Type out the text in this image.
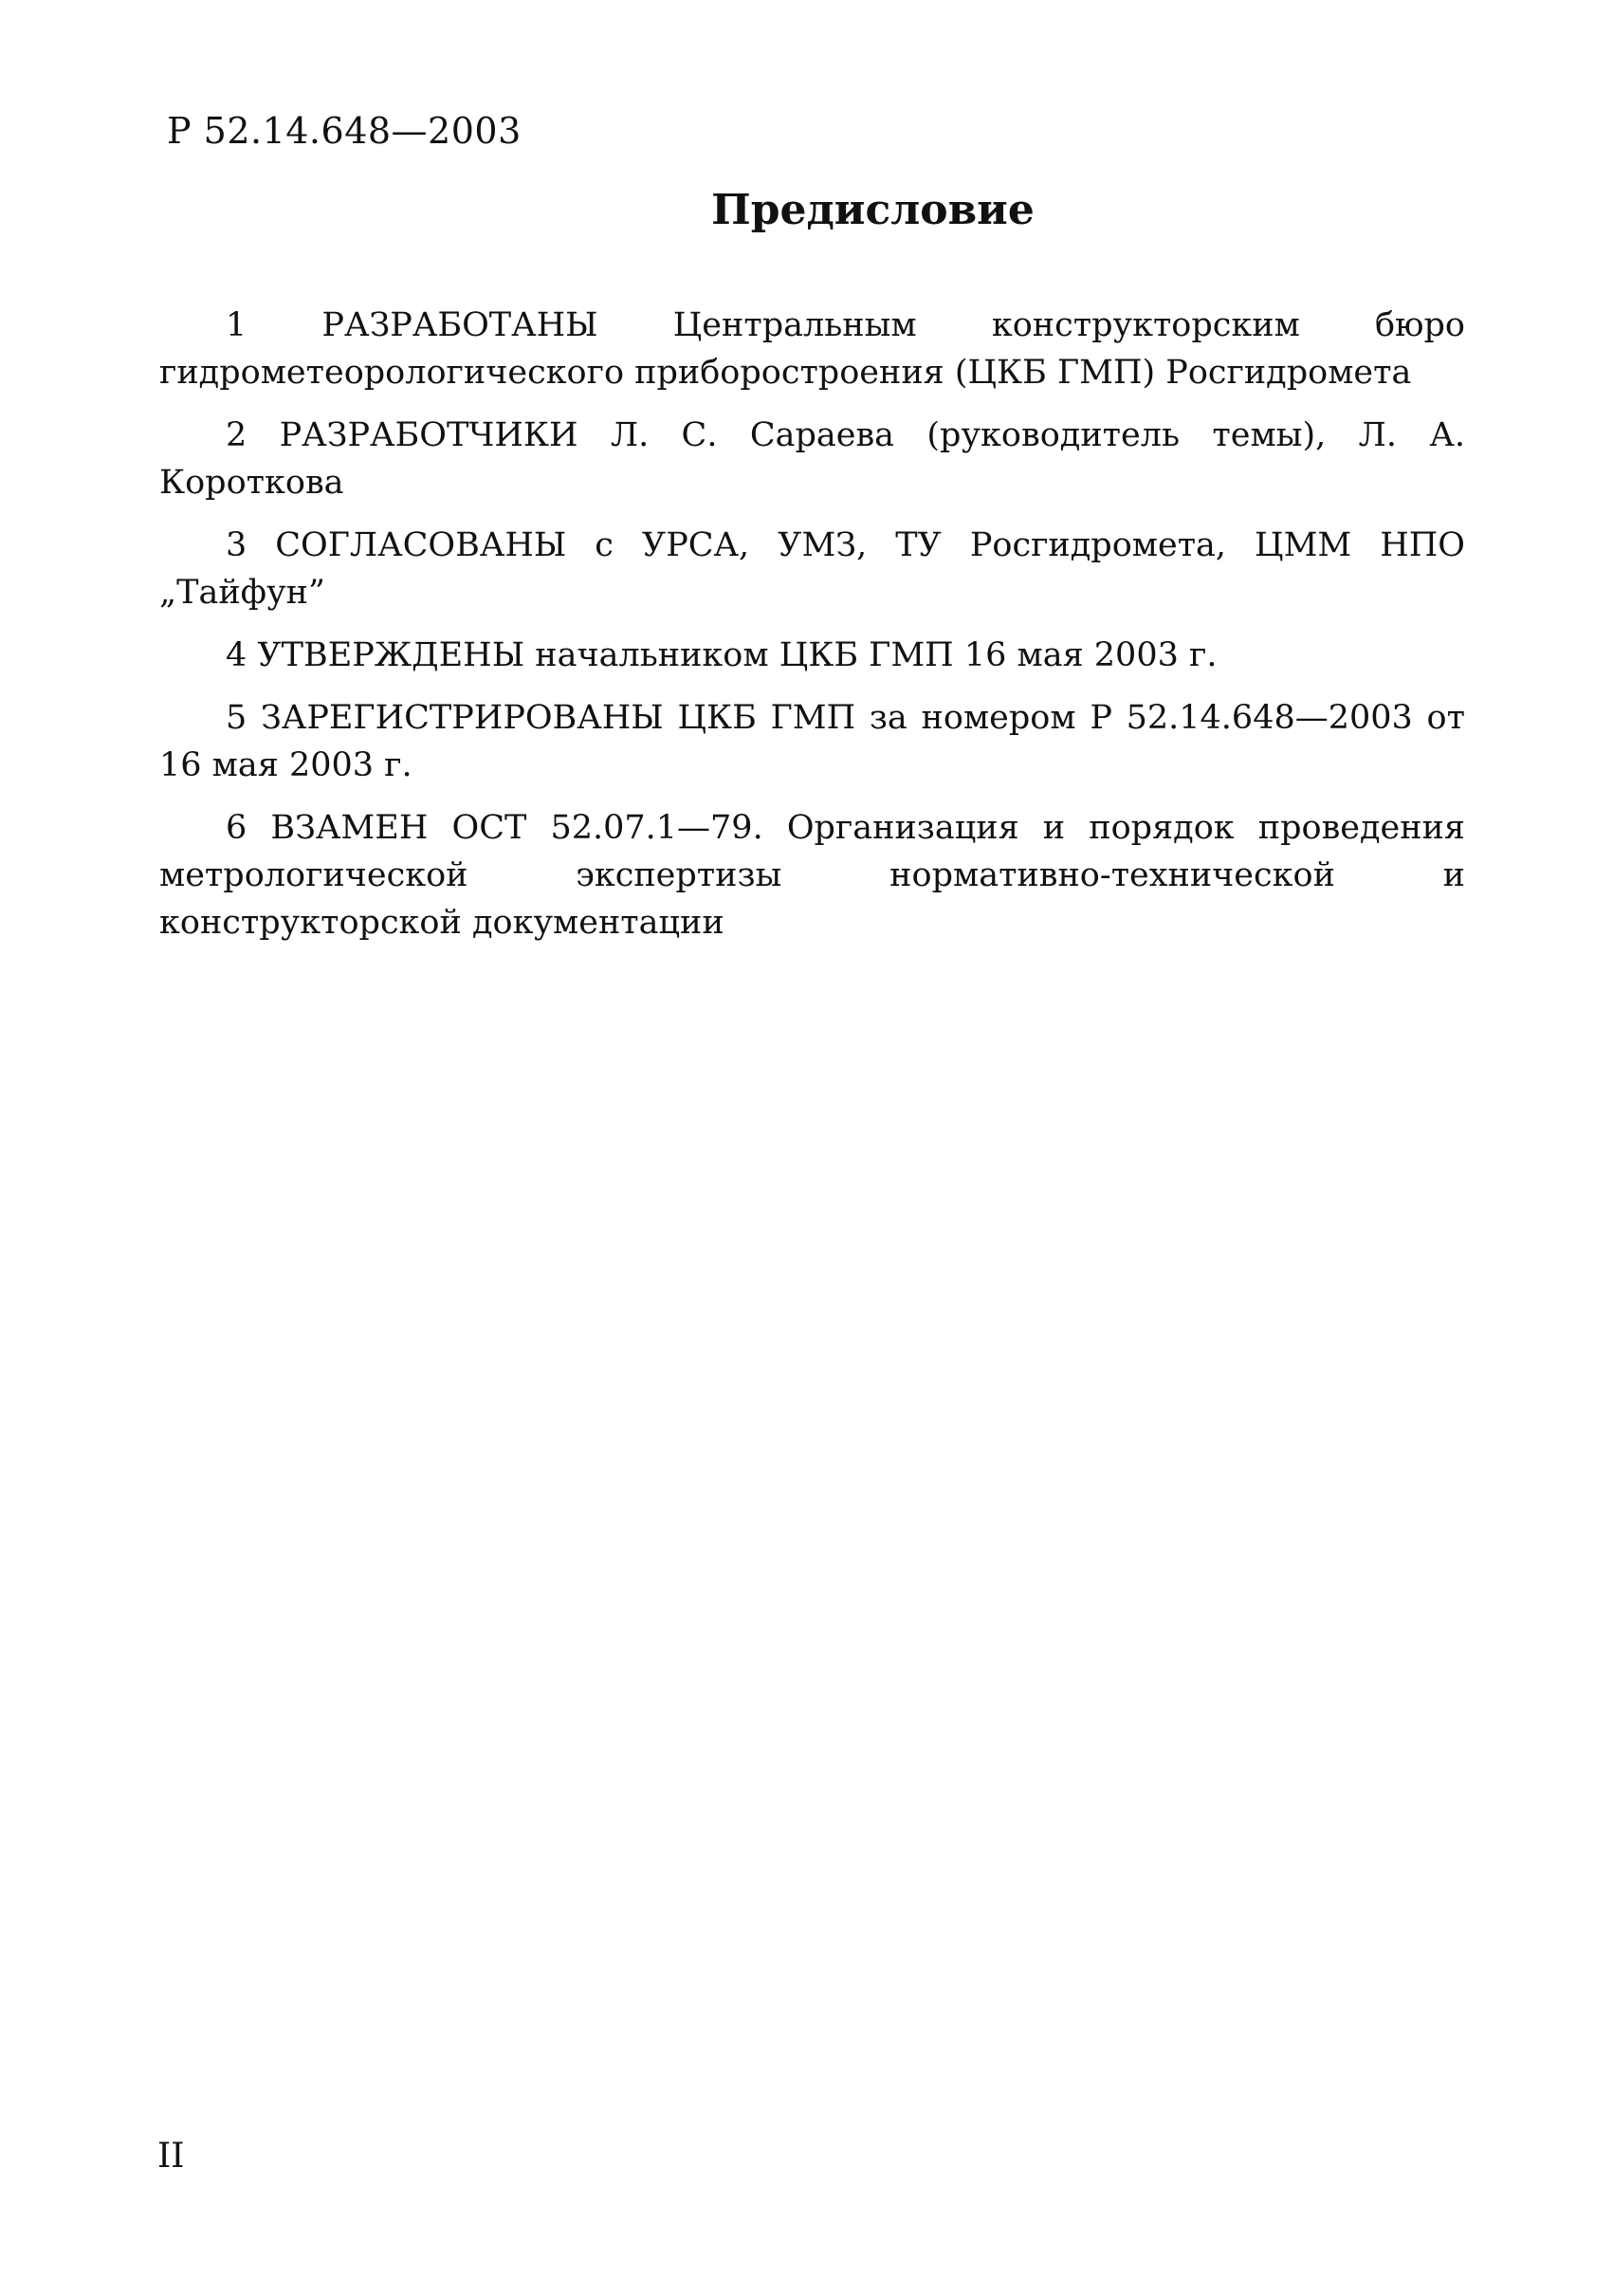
Р 52.14.648—2003
Предисловие

1 РАЗРАБОТАНЫ Центральным конструкторским бюро гидрометеорологического приборостроения (ЦКБ ГМП) Росгидромета

2 РАЗРАБОТЧИКИ Л. С. Сараева (руководитель темы), Л. А. Короткова

3 СОГЛАСОВАНЫ с УРСА, УМЗ, ТУ Росгидромета, ЦММ НПО „Тайфун”

4 УТВЕРЖДЕНЫ начальником ЦКБ ГМП 16 мая 2003 г.

5 ЗАРЕГИСТРИРОВАНЫ ЦКБ ГМП за номером Р 52.14.648—2003 от 16 мая 2003 г.

6 ВЗАМЕН ОСТ 52.07.1—79. Организация и порядок проведения метрологической экспертизы нормативно-технической и конструкторской документации

II
